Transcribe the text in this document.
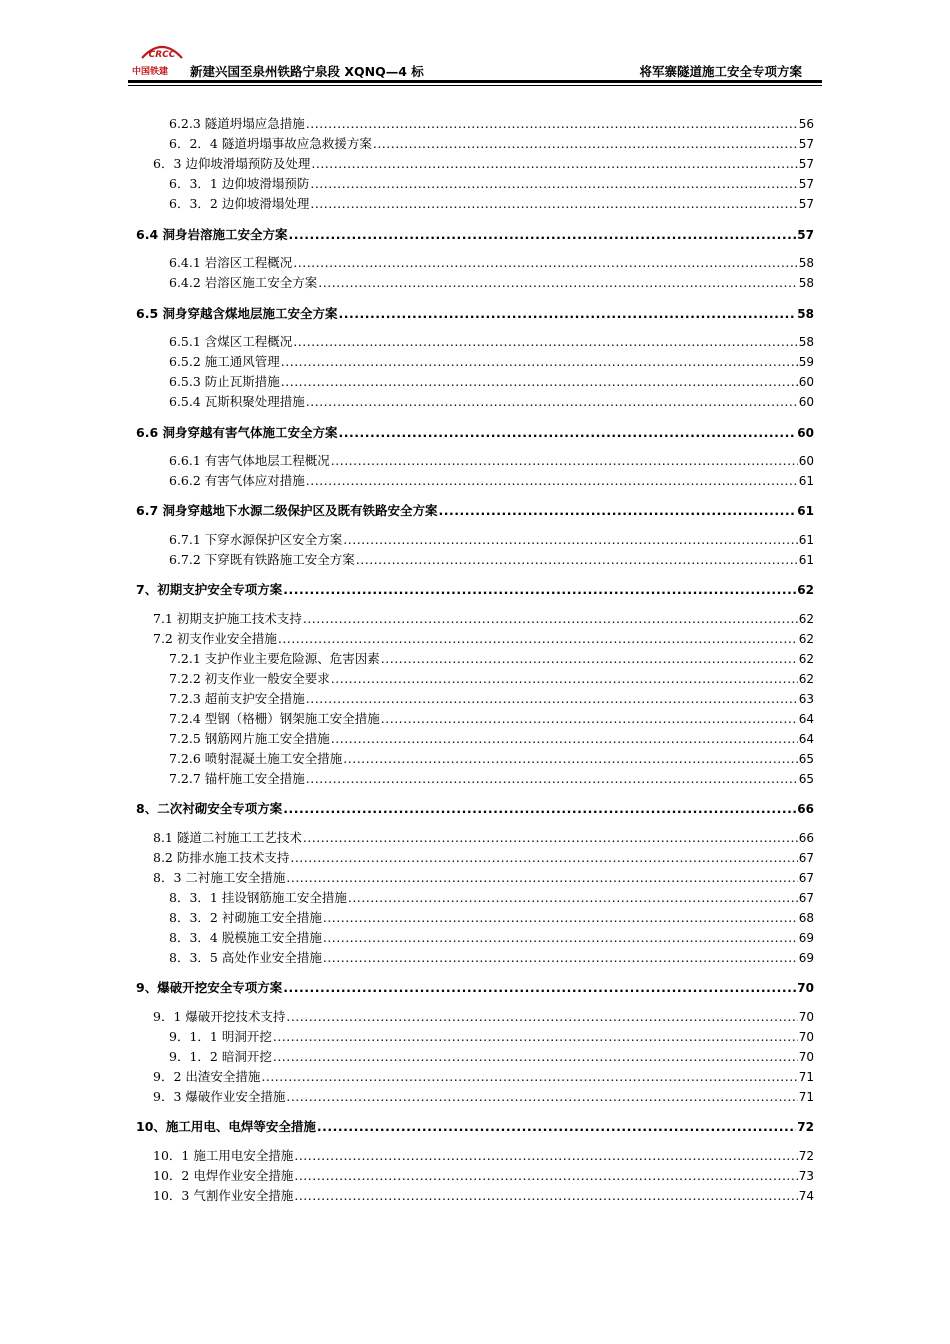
CRCC
中国铁建 新建兴国至泉州铁路宁泉段 XQNQ—4 标	将军寨隧道施工安全专项方案
6.2.3 隧道坍塌应急措施 .....	56
6．2．4 隧道坍塌事故应急救援方案 .....	57
6．3 边仰坡滑塌预防及处理 .....	57
6．3．1 边仰坡滑塌预防 .....	57
6．3．2 边仰坡滑塌处理 .....	57
6.4 洞身岩溶施工安全方案 .....	57
6.4.1 岩溶区工程概况 .....	58
6.4.2 岩溶区施工安全方案 .....	58
6.5 洞身穿越含煤地层施工安全方案 .....	58
6.5.1 含煤区工程概况 .....	58
6.5.2 施工通风管理 .....	59
6.5.3 防止瓦斯措施 .....	60
6.5.4 瓦斯积聚处理措施 .....	60
6.6 洞身穿越有害气体施工安全方案 .....	60
6.6.1 有害气体地层工程概况 .....	60
6.6.2 有害气体应对措施 .....	61
6.7 洞身穿越地下水源二级保护区及既有铁路安全方案 .....	61
6.7.1 下穿水源保护区安全方案 .....	61
6.7.2 下穿既有铁路施工安全方案 .....	61
7、初期支护安全专项方案 .....	62
7.1 初期支护施工技术支持 .....	62
7.2 初支作业安全措施 .....	62
7.2.1 支护作业主要危险源、危害因素 .....	62
7.2.2 初支作业一般安全要求 .....	62
7.2.3 超前支护安全措施 .....	63
7.2.4 型钢（格栅）钢架施工安全措施 .....	64
7.2.5 钢筋网片施工安全措施 .....	64
7.2.6 喷射混凝土施工安全措施 .....	65
7.2.7 锚杆施工安全措施 .....	65
8、二次衬砌安全专项方案 .....	66
8.1 隧道二衬施工工艺技术 .....	66
8.2 防排水施工技术支持 .....	67
8．3 二衬施工安全措施 .....	67
8．3．1 挂设钢筋施工安全措施 .....	67
8．3．2 衬砌施工安全措施 .....	68
8．3．4 脱模施工安全措施 .....	69
8．3．5 高处作业安全措施 .....	69
9、爆破开挖安全专项方案 .....	70
9．1 爆破开挖技术支持 .....	70
9．1．1 明洞开挖 .....	70
9．1．2 暗洞开挖 .....	70
9．2 出渣安全措施 .....	71
9．3 爆破作业安全措施 .....	71
10、施工用电、电焊等安全措施 .....	72
10．1 施工用电安全措施 .....	72
10．2 电焊作业安全措施 .....	73
10．3 气割作业安全措施 .....	74
